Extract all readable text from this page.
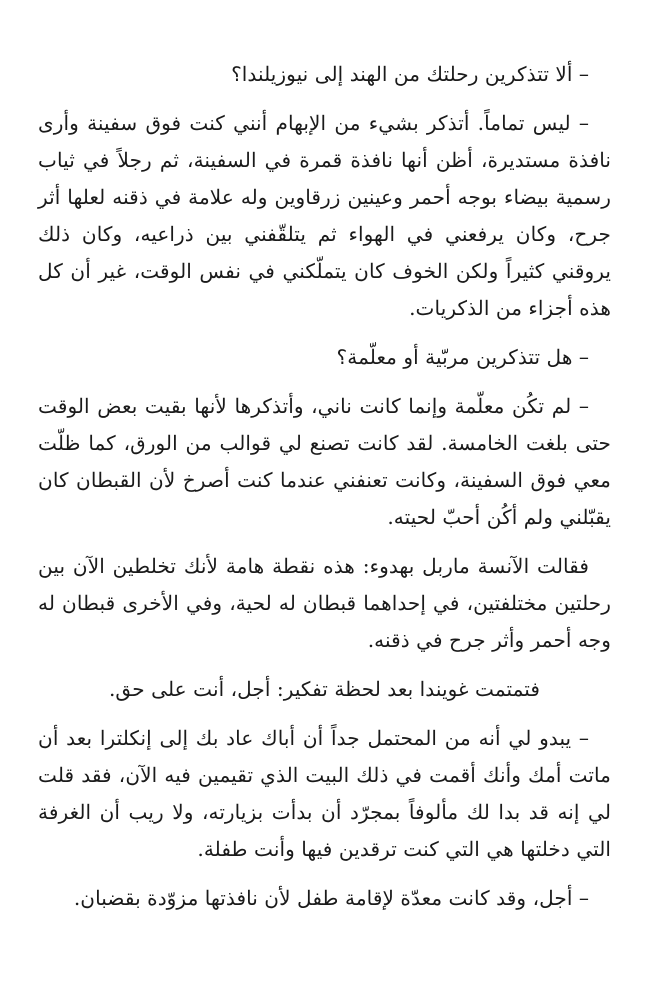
– ألا تتذكرين رحلتك من الهند إلى نيوزيلندا؟

– ليس تماماً. أتذكر بشيء من الإبهام أنني كنت فوق سفينة وأرى نافذة مستديرة، أظن أنها نافذة قمرة في السفينة، ثم رجلاً في ثياب رسمية بيضاء بوجه أحمر وعينين زرقاوين وله علامة في ذقنه لعلها أثر جرح، وكان يرفعني في الهواء ثم يتلقّفني بين ذراعيه، وكان ذلك يروقني كثيراً ولكن الخوف كان يتملّكني في نفس الوقت، غير أن كل هذه أجزاء من الذكريات.

– هل تتذكرين مربّية أو معلّمة؟

– لم تكُن معلّمة وإنما كانت ناني، وأتذكرها لأنها بقيت بعض الوقت حتى بلغت الخامسة. لقد كانت تصنع لي قوالب من الورق، كما ظلّت معي فوق السفينة، وكانت تعنفني عندما كنت أصرخ لأن القبطان كان يقبّلني ولم أكُن أحبّ لحيته.

فقالت الآنسة ماربل بهدوء: هذه نقطة هامة لأنك تخلطين الآن بين رحلتين مختلفتين، في إحداهما قبطان له لحية، وفي الأخرى قبطان له وجه أحمر وأثر جرح في ذقنه.

فتمتمت غويندا بعد لحظة تفكير: أجل، أنت على حق.

– يبدو لي أنه من المحتمل جداً أن أباك عاد بك إلى إنكلترا بعد أن ماتت أمك وأنك أقمت في ذلك البيت الذي تقيمين فيه الآن، فقد قلت لي إنه قد بدا لك مألوفاً بمجرّد أن بدأت بزيارته، ولا ريب أن الغرفة التي دخلتها هي التي كنت ترقدين فيها وأنت طفلة.

– أجل، وقد كانت معدّة لإقامة طفل لأن نافذتها مزوّدة بقضبان.
